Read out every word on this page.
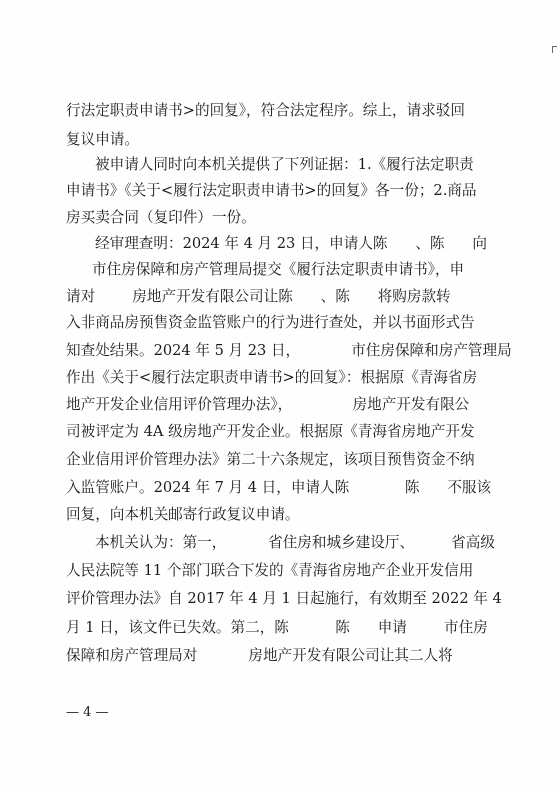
行法定职责申请书>的回复》，符合法定程序。综上，请求驳回
复议申请。
被申请人同时向本机关提供了下列证据：1.《履行法定职责
申请书》《关于<履行法定职责申请书>的回复》各一份；2.商品
房买卖合同（复印件）一份。
经审理查明：2024 年 4 月 23 日，申请人陈      、陈      向
市住房保障和房产管理局提交《履行法定职责申请书》，申
请对        房地产开发有限公司让陈      、陈      将购房款转
入非商品房预售资金监管账户的行为进行查处，并以书面形式告
知查处结果。2024 年 5 月 23 日，           市住房保障和房产管理局
作出《关于<履行法定职责申请书>的回复》：根据原《青海省房
地产开发企业信用评价管理办法》，             房地产开发有限公
司被评定为 4A 级房地产开发企业。根据原《青海省房地产开发
企业信用评价管理办法》第二十六条规定，该项目预售资金不纳
入监管账户。2024 年 7 月 4 日，申请人陈            陈      不服该
回复，向本机关邮寄行政复议申请。
本机关认为：第一，         省住房和城乡建设厅、        省高级
人民法院等 11 个部门联合下发的《青海省房地产企业开发信用
评价管理办法》自 2017 年 4 月 1 日起施行，有效期至 2022 年 4
月 1 日，该文件已失效。第二，陈          陈      申请        市住房
保障和房产管理局对           房地产开发有限公司让其二人将
— 4 —
